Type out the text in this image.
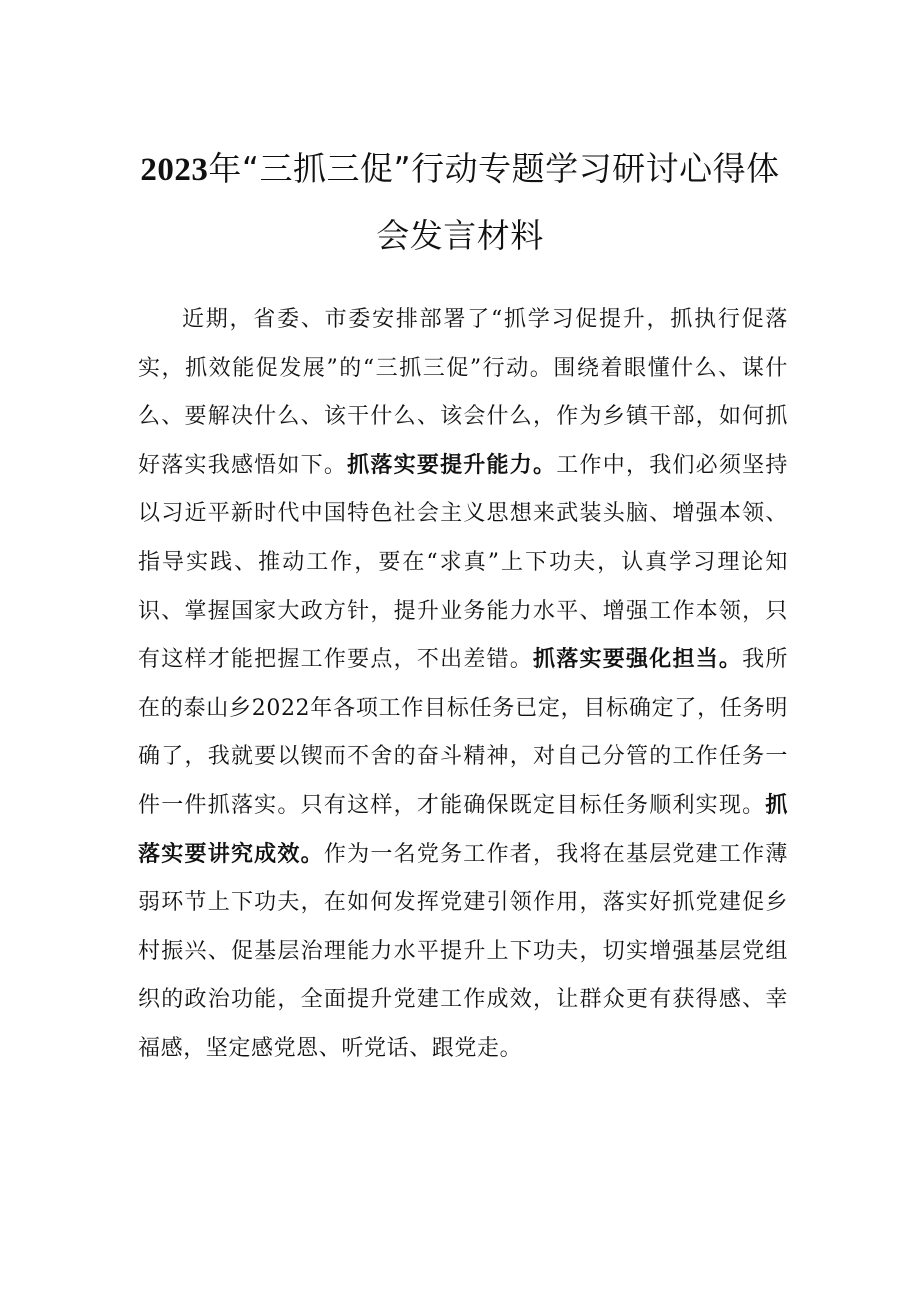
2023年“三抓三促”行动专题学习研讨心得体
会发言材料
近期，省委、市委安排部署了“抓学习促提升，抓执行促落实，抓效能促发展”的“三抓三促”行动。围绕着眼懂什么、谋什么、要解决什么、该干什么、该会什么，作为乡镇干部，如何抓好落实我感悟如下。抓落实要提升能力。工作中，我们必须坚持以习近平新时代中国特色社会主义思想来武装头脑、增强本领、指导实践、推动工作，要在“求真”上下功夫，认真学习理论知识、掌握国家大政方针，提升业务能力水平、增强工作本领，只有这样才能把握工作要点，不出差错。抓落实要强化担当。我所在的泰山乡2022年各项工作目标任务已定，目标确定了，任务明确了，我就要以锲而不舍的奋斗精神，对自己分管的工作任务一件一件抓落实。只有这样，才能确保既定目标任务顺利实现。抓落实要讲究成效。作为一名党务工作者，我将在基层党建工作薄弱环节上下功夫，在如何发挥党建引领作用，落实好抓党建促乡村振兴、促基层治理能力水平提升上下功夫，切实增强基层党组织的政治功能，全面提升党建工作成效，让群众更有获得感、幸福感，坚定感党恩、听党话、跟党走。
